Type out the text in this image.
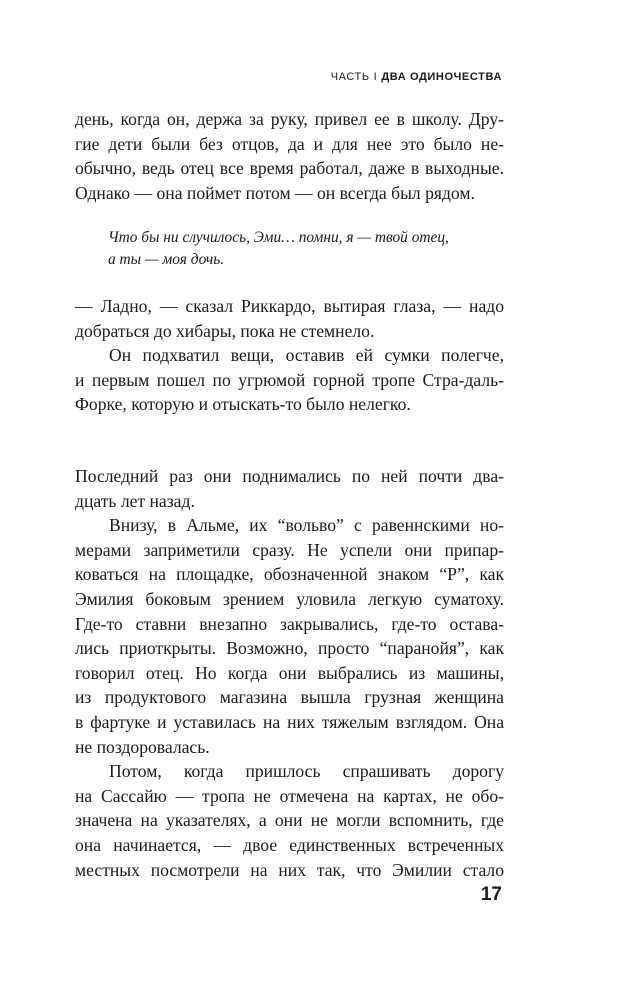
ЧАСТЬ I ДВА ОДИНОЧЕСТВА
день, когда он, держа за руку, привел ее в школу. Дру-
гие дети были без отцов, да и для нее это было не-
обычно, ведь отец все время работал, даже в выходные.
Однако — она поймет потом — он всегда был рядом.
Что бы ни случилось, Эми… помни, я — твой отец,
а ты — моя дочь.
— Ладно, — сказал Риккардо, вытирая глаза, — надо
добраться до хибары, пока не стемнело.
Он подхватил вещи, оставив ей сумки полегче,
и первым пошел по угрюмой горной тропе Стра-даль-
Форке, которую и отыскать-то было нелегко.
Последний раз они поднимались по ней почти два-
дцать лет назад.
Внизу, в Альме, их “вольво” с равеннскими но-
мерами заприметили сразу. Не успели они припар-
коваться на площадке, обозначенной знаком “P”, как
Эмилия боковым зрением уловила легкую суматоху.
Где-то ставни внезапно закрывались, где-то остава-
лись приоткрыты. Возможно, просто “паранойя”, как
говорил отец. Но когда они выбрались из машины,
из продуктового магазина вышла грузная женщина
в фартуке и уставилась на них тяжелым взглядом. Она
не поздоровалась.
Потом, когда пришлось спрашивать дорогу
на Сассайю — тропа не отмечена на картах, не обо-
значена на указателях, а они не могли вспомнить, где
она начинается, — двое единственных встреченных
местных посмотрели на них так, что Эмилии стало
17
